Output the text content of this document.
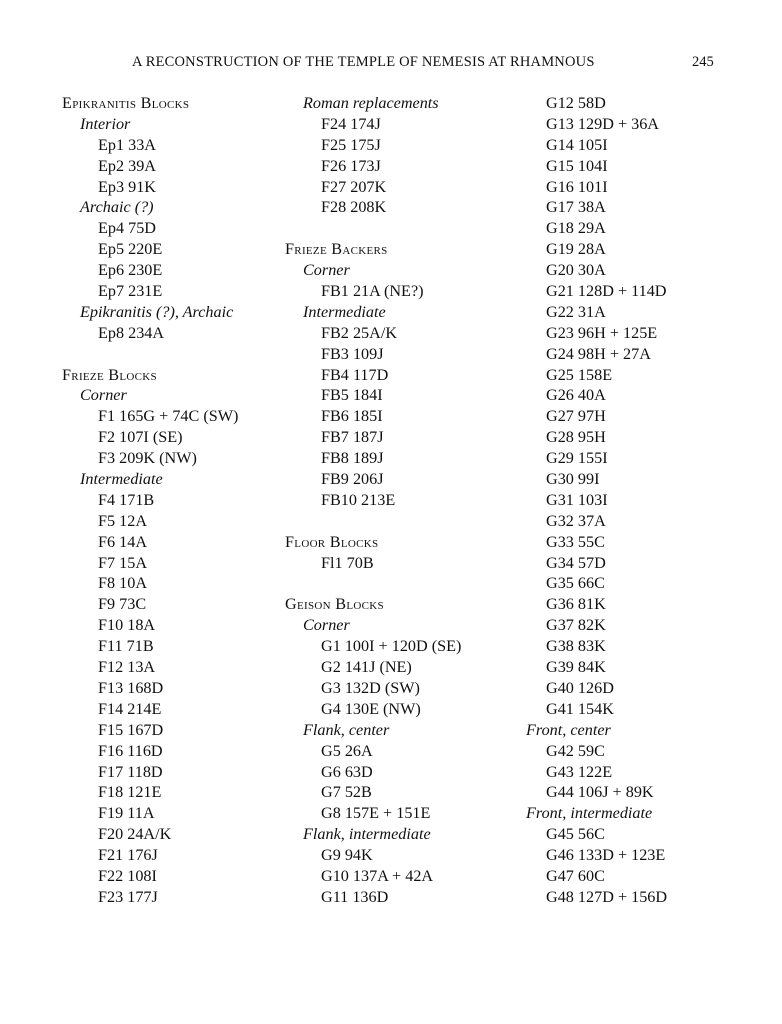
A RECONSTRUCTION OF THE TEMPLE OF NEMESIS AT RHAMNOUS	245
Epikranitis Blocks
Interior
Ep1 33A
Ep2 39A
Ep3 91K
Archaic (?)
Ep4 75D
Ep5 220E
Ep6 230E
Ep7 231E
Epikranitis (?), Archaic
Ep8 234A
Frieze Blocks
Corner
F1 165G + 74C (SW)
F2 107I (SE)
F3 209K (NW)
Intermediate
F4 171B
F5 12A
F6 14A
F7 15A
F8 10A
F9 73C
F10 18A
F11 71B
F12 13A
F13 168D
F14 214E
F15 167D
F16 116D
F17 118D
F18 121E
F19 11A
F20 24A/K
F21 176J
F22 108I
F23 177J
Roman replacements
F24 174J
F25 175J
F26 173J
F27 207K
F28 208K
Frieze Backers
Corner
FB1 21A (NE?)
Intermediate
FB2 25A/K
FB3 109J
FB4 117D
FB5 184I
FB6 185I
FB7 187J
FB8 189J
FB9 206J
FB10 213E
Floor Blocks
Fl1 70B
Geison Blocks
Corner
G1 100I + 120D (SE)
G2 141J (NE)
G3 132D (SW)
G4 130E (NW)
Flank, center
G5 26A
G6 63D
G7 52B
G8 157E + 151E
Flank, intermediate
G9 94K
G10 137A + 42A
G11 136D
G12 58D
G13 129D + 36A
G14 105I
G15 104I
G16 101I
G17 38A
G18 29A
G19 28A
G20 30A
G21 128D + 114D
G22 31A
G23 96H + 125E
G24 98H + 27A
G25 158E
G26 40A
G27 97H
G28 95H
G29 155I
G30 99I
G31 103I
G32 37A
G33 55C
G34 57D
G35 66C
G36 81K
G37 82K
G38 83K
G39 84K
G40 126D
G41 154K
Front, center
G42 59C
G43 122E
G44 106J + 89K
Front, intermediate
G45 56C
G46 133D + 123E
G47 60C
G48 127D + 156D
